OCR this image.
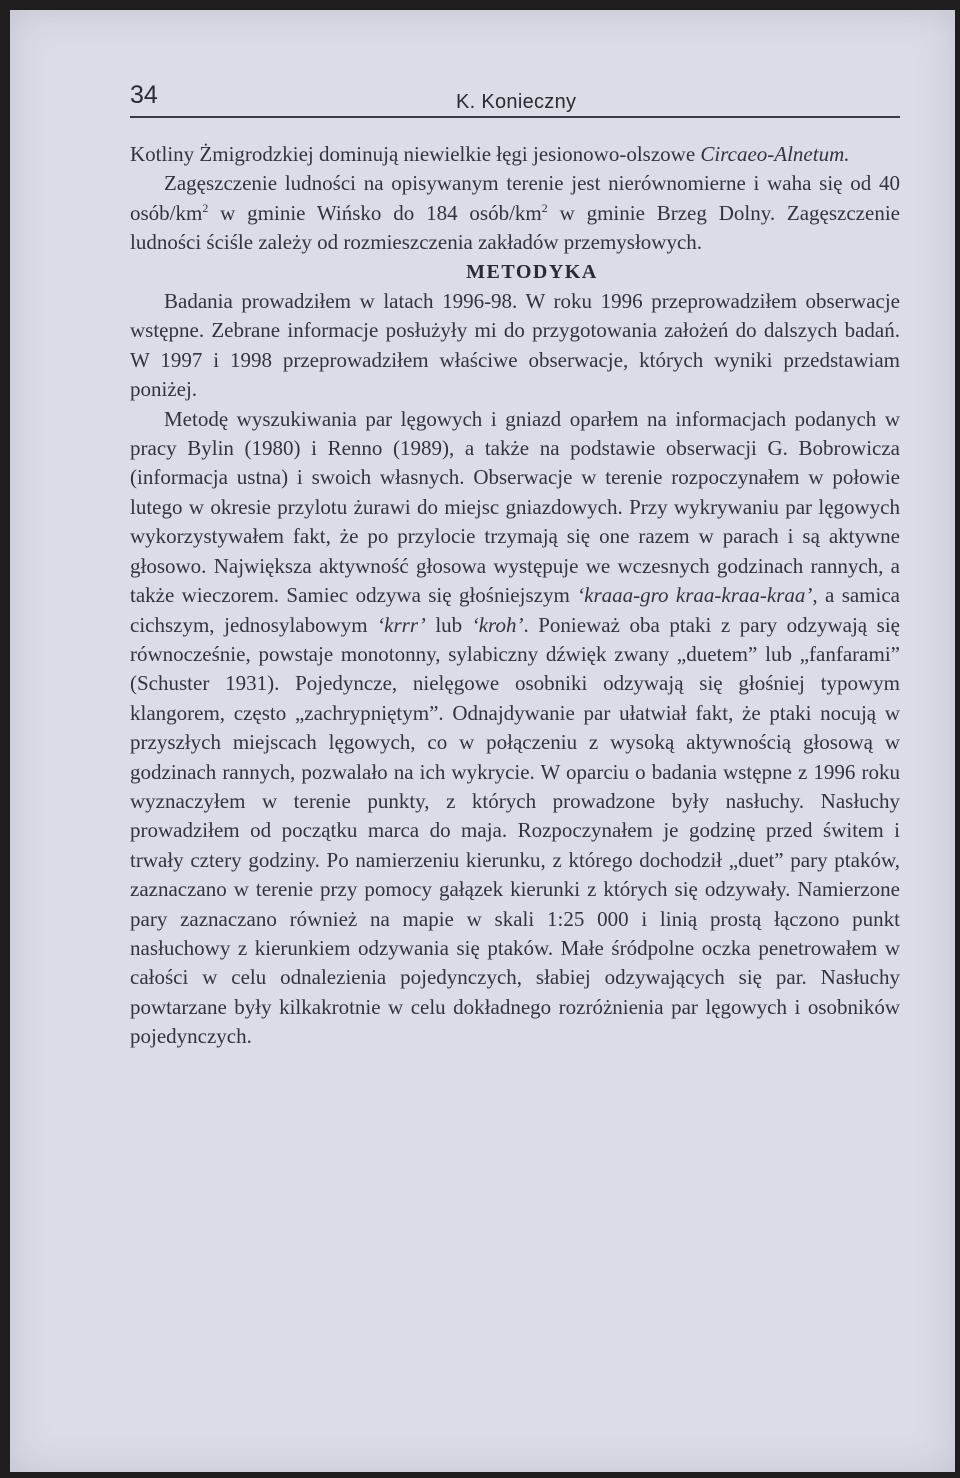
34	K. Konieczny

Kotliny Żmigrodzkiej dominują niewielkie łęgi jesionowo-olszowe Circaeo-Alnetum.

Zagęszczenie ludności na opisywanym terenie jest nierównomierne i waha się od 40 osób/$km^2$ w gminie Wińsko do 184 osób/$km^2$ w gminie Brzeg Dolny. Zagęszczenie ludności ściśle zależy od rozmieszczenia zakładów przemysłowych.

METODYKA

Badania prowadziłem w latach 1996-98. W roku 1996 przeprowadziłem obserwacje wstępne. Zebrane informacje posłużyły mi do przygotowania założeń do dalszych badań. W 1997 i 1998 przeprowadziłem właściwe obserwacje, których wyniki przedstawiam poniżej.

Metodę wyszukiwania par lęgowych i gniazd oparłem na informacjach podanych w pracy Bylin (1980) i Renno (1989), a także na podstawie obserwacji G. Bobrowicza (informacja ustna) i swoich własnych. Obserwacje w terenie rozpoczynałem w połowie lutego w okresie przylotu żurawi do miejsc gniazdowych. Przy wykrywaniu par lęgowych wykorzystywałem fakt, że po przylocie trzymają się one razem w parach i są aktywne głosowo. Największa aktywność głosowa występuje we wczesnych godzinach rannych, a także wieczorem. Samiec odzywa się głośniejszym ‘kraaa-gro kraa-kraa-kraa’, a samica cichszym, jednosylabowym ‘krrr’ lub ‘kroh’. Ponieważ oba ptaki z pary odzywają się równocześnie, powstaje monotonny, sylabiczny dźwięk zwany „duetem” lub „fanfarami” (Schuster 1931). Pojedyncze, nielęgowe osobniki odzywają się głośniej typowym klangorem, często „zachrypniętym”. Odnajdywanie par ułatwiał fakt, że ptaki nocują w przyszłych miejscach lęgowych, co w połączeniu z wysoką aktywnością głosową w godzinach rannych, pozwalało na ich wykrycie. W oparciu o badania wstępne z 1996 roku wyznaczyłem w terenie punkty, z których prowadzone były nasłuchy. Nasłuchy prowadziłem od początku marca do maja. Rozpoczynałem je godzinę przed świtem i trwały cztery godziny. Po namierzeniu kierunku, z którego dochodził „duet” pary ptaków, zaznaczano w terenie przy pomocy gałązek kierunki z których się odzywały. Namierzone pary zaznaczano również na mapie w skali 1:25 000 i linią prostą łączono punkt nasłuchowy z kierunkiem odzywania się ptaków. Małe śródpolne oczka penetrowałem w całości w celu odnalezienia pojedynczych, słabiej odzywających się par. Nasłuchy powtarzane były kilkakrotnie w celu dokładnego rozróżnienia par lęgowych i osobników pojedynczych.
